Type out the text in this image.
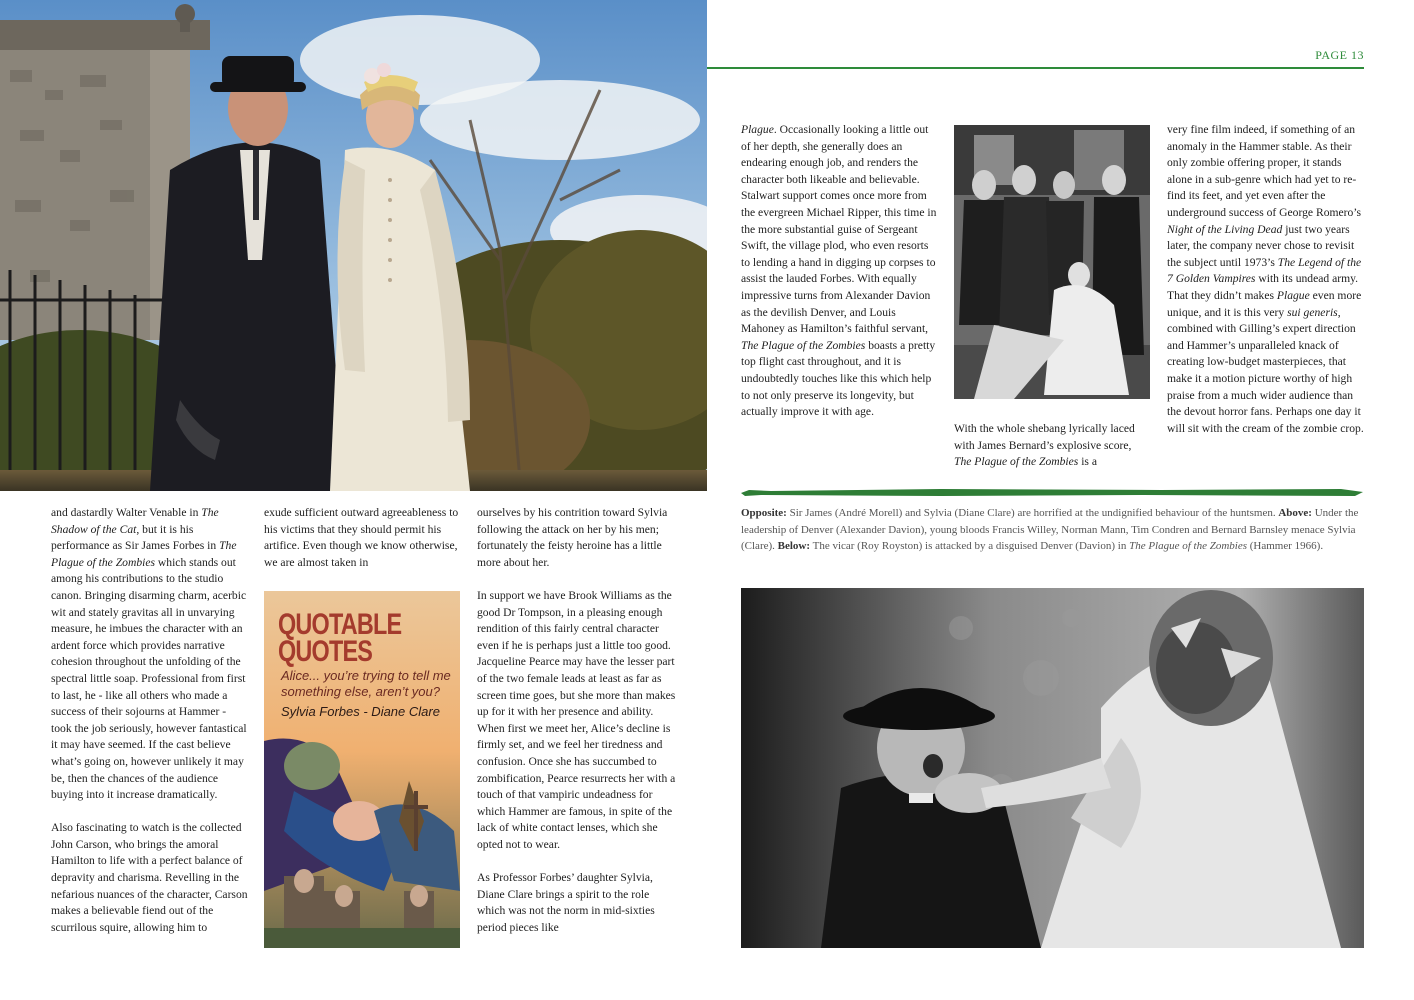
PAGE 13

and dastardly Walter Venable in The Shadow of the Cat, but it is his performance as Sir James Forbes in The Plague of the Zombies which stands out among his contributions to the studio canon. Bringing disarming charm, acerbic wit and stately gravitas all in unvarying measure, he imbues the character with an ardent force which provides narrative cohesion throughout the unfolding of the spectral little soap. Professional from first to last, he - like all others who made a success of their sojourns at Hammer - took the job seriously, however fantastical it may have seemed. If the cast believe what’s going on, however unlikely it may be, then the chances of the audience buying into it increase dramatically.

Also fascinating to watch is the collected John Carson, who brings the amoral Hamilton to life with a perfect balance of depravity and charisma. Revelling in the nefarious nuances of the character, Carson makes a believable fiend out of the scurrilous squire, allowing him to

exude sufficient outward agreeableness to his victims that they should permit his artifice. Even though we know otherwise, we are almost taken in

QUOTABLE
QUOTES
Alice... you’re trying to tell me something else, aren’t you?
Sylvia Forbes - Diane Clare

ourselves by his contrition toward Sylvia following the attack on her by his men; fortunately the feisty heroine has a little more about her.

In support we have Brook Williams as the good Dr Tompson, in a pleasing enough rendition of this fairly central character even if he is perhaps just a little too good. Jacqueline Pearce may have the lesser part of the two female leads at least as far as screen time goes, but she more than makes up for it with her presence and ability. When first we meet her, Alice’s decline is firmly set, and we feel her tiredness and confusion. Once she has succumbed to zombification, Pearce resurrects her with a touch of that vampiric undeadness for which Hammer are famous, in spite of the lack of white contact lenses, which she opted not to wear.

As Professor Forbes’ daughter Sylvia, Diane Clare brings a spirit to the role which was not the norm in mid-sixties period pieces like

Plague. Occasionally looking a little out of her depth, she generally does an endearing enough job, and renders the character both likeable and believable. Stalwart support comes once more from the evergreen Michael Ripper, this time in the more substantial guise of Sergeant Swift, the village plod, who even resorts to lending a hand in digging up corpses to assist the lauded Forbes. With equally impressive turns from Alexander Davion as the devilish Denver, and Louis Mahoney as Hamilton’s faithful servant, The Plague of the Zombies boasts a pretty top flight cast throughout, and it is undoubtedly touches like this which help to not only preserve its longevity, but actually improve it with age.

With the whole shebang lyrically laced with James Bernard’s explosive score, The Plague of the Zombies is a

very fine film indeed, if something of an anomaly in the Hammer stable. As their only zombie offering proper, it stands alone in a sub-genre which had yet to re-find its feet, and yet even after the underground success of George Romero’s Night of the Living Dead just two years later, the company never chose to revisit the subject until 1973’s The Legend of the 7 Golden Vampires with its undead army. That they didn’t makes Plague even more unique, and it is this very sui generis, combined with Gilling’s expert direction and Hammer’s unparalleled knack of creating low-budget masterpieces, that make it a motion picture worthy of high praise from a much wider audience than the devout horror fans. Perhaps one day it will sit with the cream of the zombie crop.

Opposite: Sir James (André Morell) and Sylvia (Diane Clare) are horrified at the undignified behaviour of the huntsmen. Above: Under the leadership of Denver (Alexander Davion), young bloods Francis Willey, Norman Mann, Tim Condren and Bernard Barnsley menace Sylvia (Clare). Below: The vicar (Roy Royston) is attacked by a disguised Denver (Davion) in The Plague of the Zombies (Hammer 1966).
